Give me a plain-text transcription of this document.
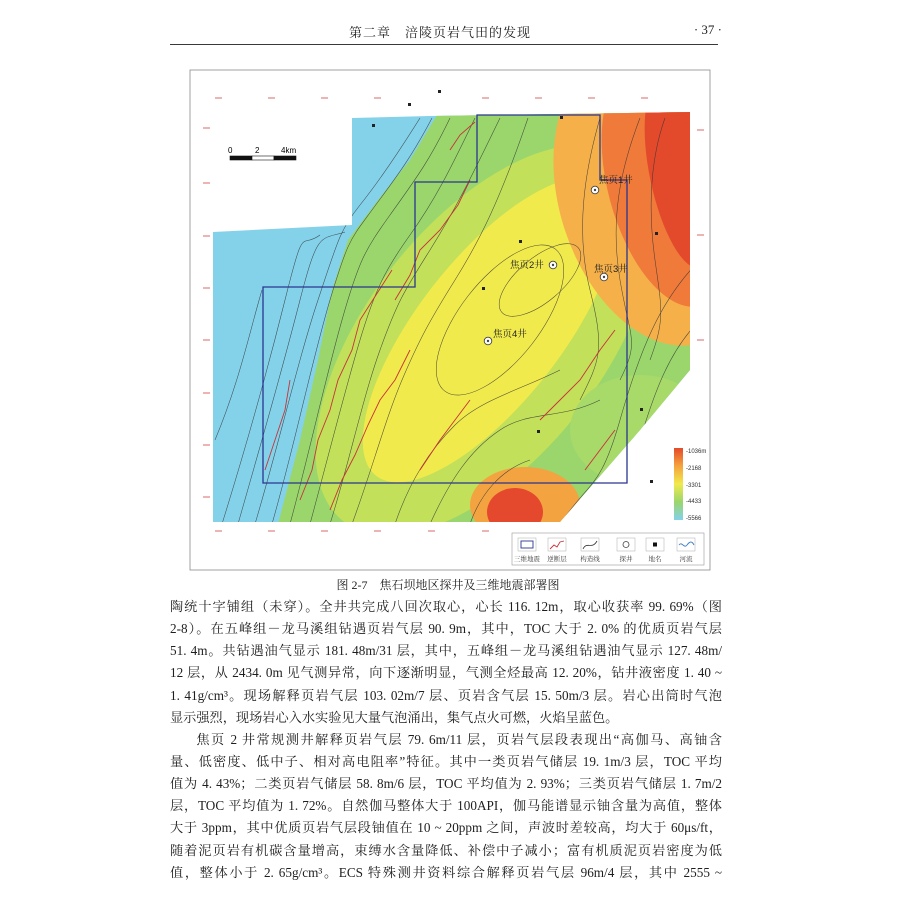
第二章　涪陵页岩气田的发现	· 37 ·
0	2	4km
焦页1井
焦页2井	焦页3井
焦页4井
-1036m
-2168
-3301
-4433
-5566
三维地震 逆断层 构造线	探井 地名	河流
图 2-7　焦石坝地区探井及三维地震部署图
陶统十字铺组（未穿）。全井共完成八回次取心，心长 116. 12m，取心收获率 99. 69%（图
2-8）。在五峰组－龙马溪组钻遇页岩气层 90. 9m，其中，TOC 大于 2. 0% 的优质页岩气层
51. 4m。共钻遇油气显示 181. 48m/31 层，其中，五峰组－龙马溪组钻遇油气显示 127. 48m/
12 层，从 2434. 0m 见气测异常，向下逐渐明显，气测全烃最高 12. 20%，钻井液密度 1. 40 ~
1. 41g/cm³。现场解释页岩气层 103. 02m/7 层、页岩含气层 15. 50m/3 层。岩心出筒时气泡
显示强烈，现场岩心入水实验见大量气泡涌出，集气点火可燃，火焰呈蓝色。
焦页 2 井常规测井解释页岩气层 79. 6m/11 层，页岩气层段表现出“高伽马、高铀含
量、低密度、低中子、相对高电阻率”特征。其中一类页岩气储层 19. 1m/3 层，TOC 平均
值为 4. 43%；二类页岩气储层 58. 8m/6 层，TOC 平均值为 2. 93%；三类页岩气储层 1. 7m/2
层，TOC 平均值为 1. 72%。自然伽马整体大于 100API，伽马能谱显示铀含量为高值，整体
大于 3ppm，其中优质页岩气层段铀值在 10 ~ 20ppm 之间，声波时差较高，均大于 60μs/ft，
随着泥页岩有机碳含量增高，束缚水含量降低、补偿中子减小；富有机质泥页岩密度为低
值，整体小于 2. 65g/cm³。ECS 特殊测井资料综合解释页岩气层 96m/4 层，其中 2555 ~
